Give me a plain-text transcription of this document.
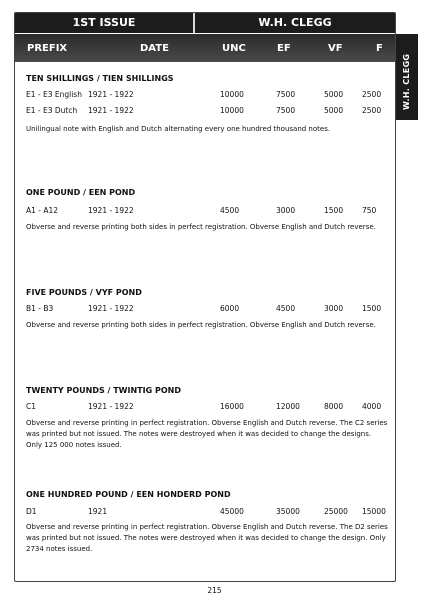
1ST ISSUE	W.H. CLEGG
PREFIX	DATE	UNC	EF	VF	F
W.H. CLEGG
TEN SHILLINGS / TIEN SHILLINGS
E1 - E3 English 1921 - 1922	10000	7500	5000	2500
E1 - E3 Dutch 1921 - 1922	10000	7500	5000	2500
Unilingual note with English and Dutch alternating every one hundred thousand notes.
ONE POUND / EEN POND
A1 - A12	1921 - 1922	4500	3000	1500	750
Obverse and reverse printing both sides in perfect registration. Obverse English and Dutch reverse.
FIVE POUNDS / VYF POND
B1 - B3	1921 - 1922	6000	4500	3000	1500
Obverse and reverse printing both sides in perfect registration. Obverse English and Dutch reverse.
TWENTY POUNDS / TWINTIG POND
C1	1921 - 1922	16000	12000	8000	4000
Obverse and reverse printing in perfect registration. Obverse English and Dutch reverse. The C2 series was printed but not issued. The notes were destroyed when it was decided to change the designs. Only 125 000 notes issued.
ONE HUNDRED POUND / EEN HONDERD POND
D1	1921	45000	35000	25000 15000
Obverse and reverse printing in perfect registration. Obverse English and Dutch reverse. The D2 series was printed but not issued. The notes were destroyed when it was decided to change the design. Only 2734 notes issued.
215
